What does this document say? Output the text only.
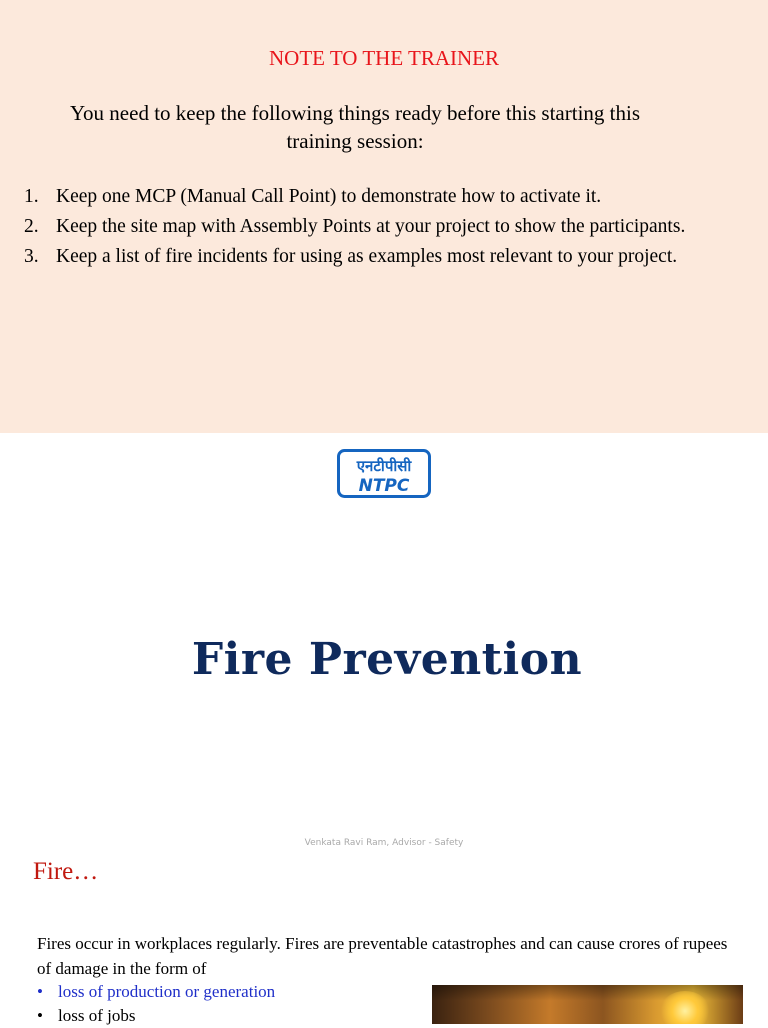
NOTE TO THE TRAINER
You need to keep the following things ready before this starting this training session:
1. Keep one MCP (Manual Call Point) to demonstrate how to activate it.
2. Keep the site map with Assembly Points at your project to show the participants.
3. Keep a list of fire incidents for using as examples most relevant to your project.
एनटीपीसी
NTPC
Fire Prevention
Venkata Ravi Ram, Advisor - Safety
Fire…
Fires occur in workplaces regularly. Fires are preventable catastrophes and can cause crores of rupees of damage in the form of
• loss of production or generation
• loss of jobs
